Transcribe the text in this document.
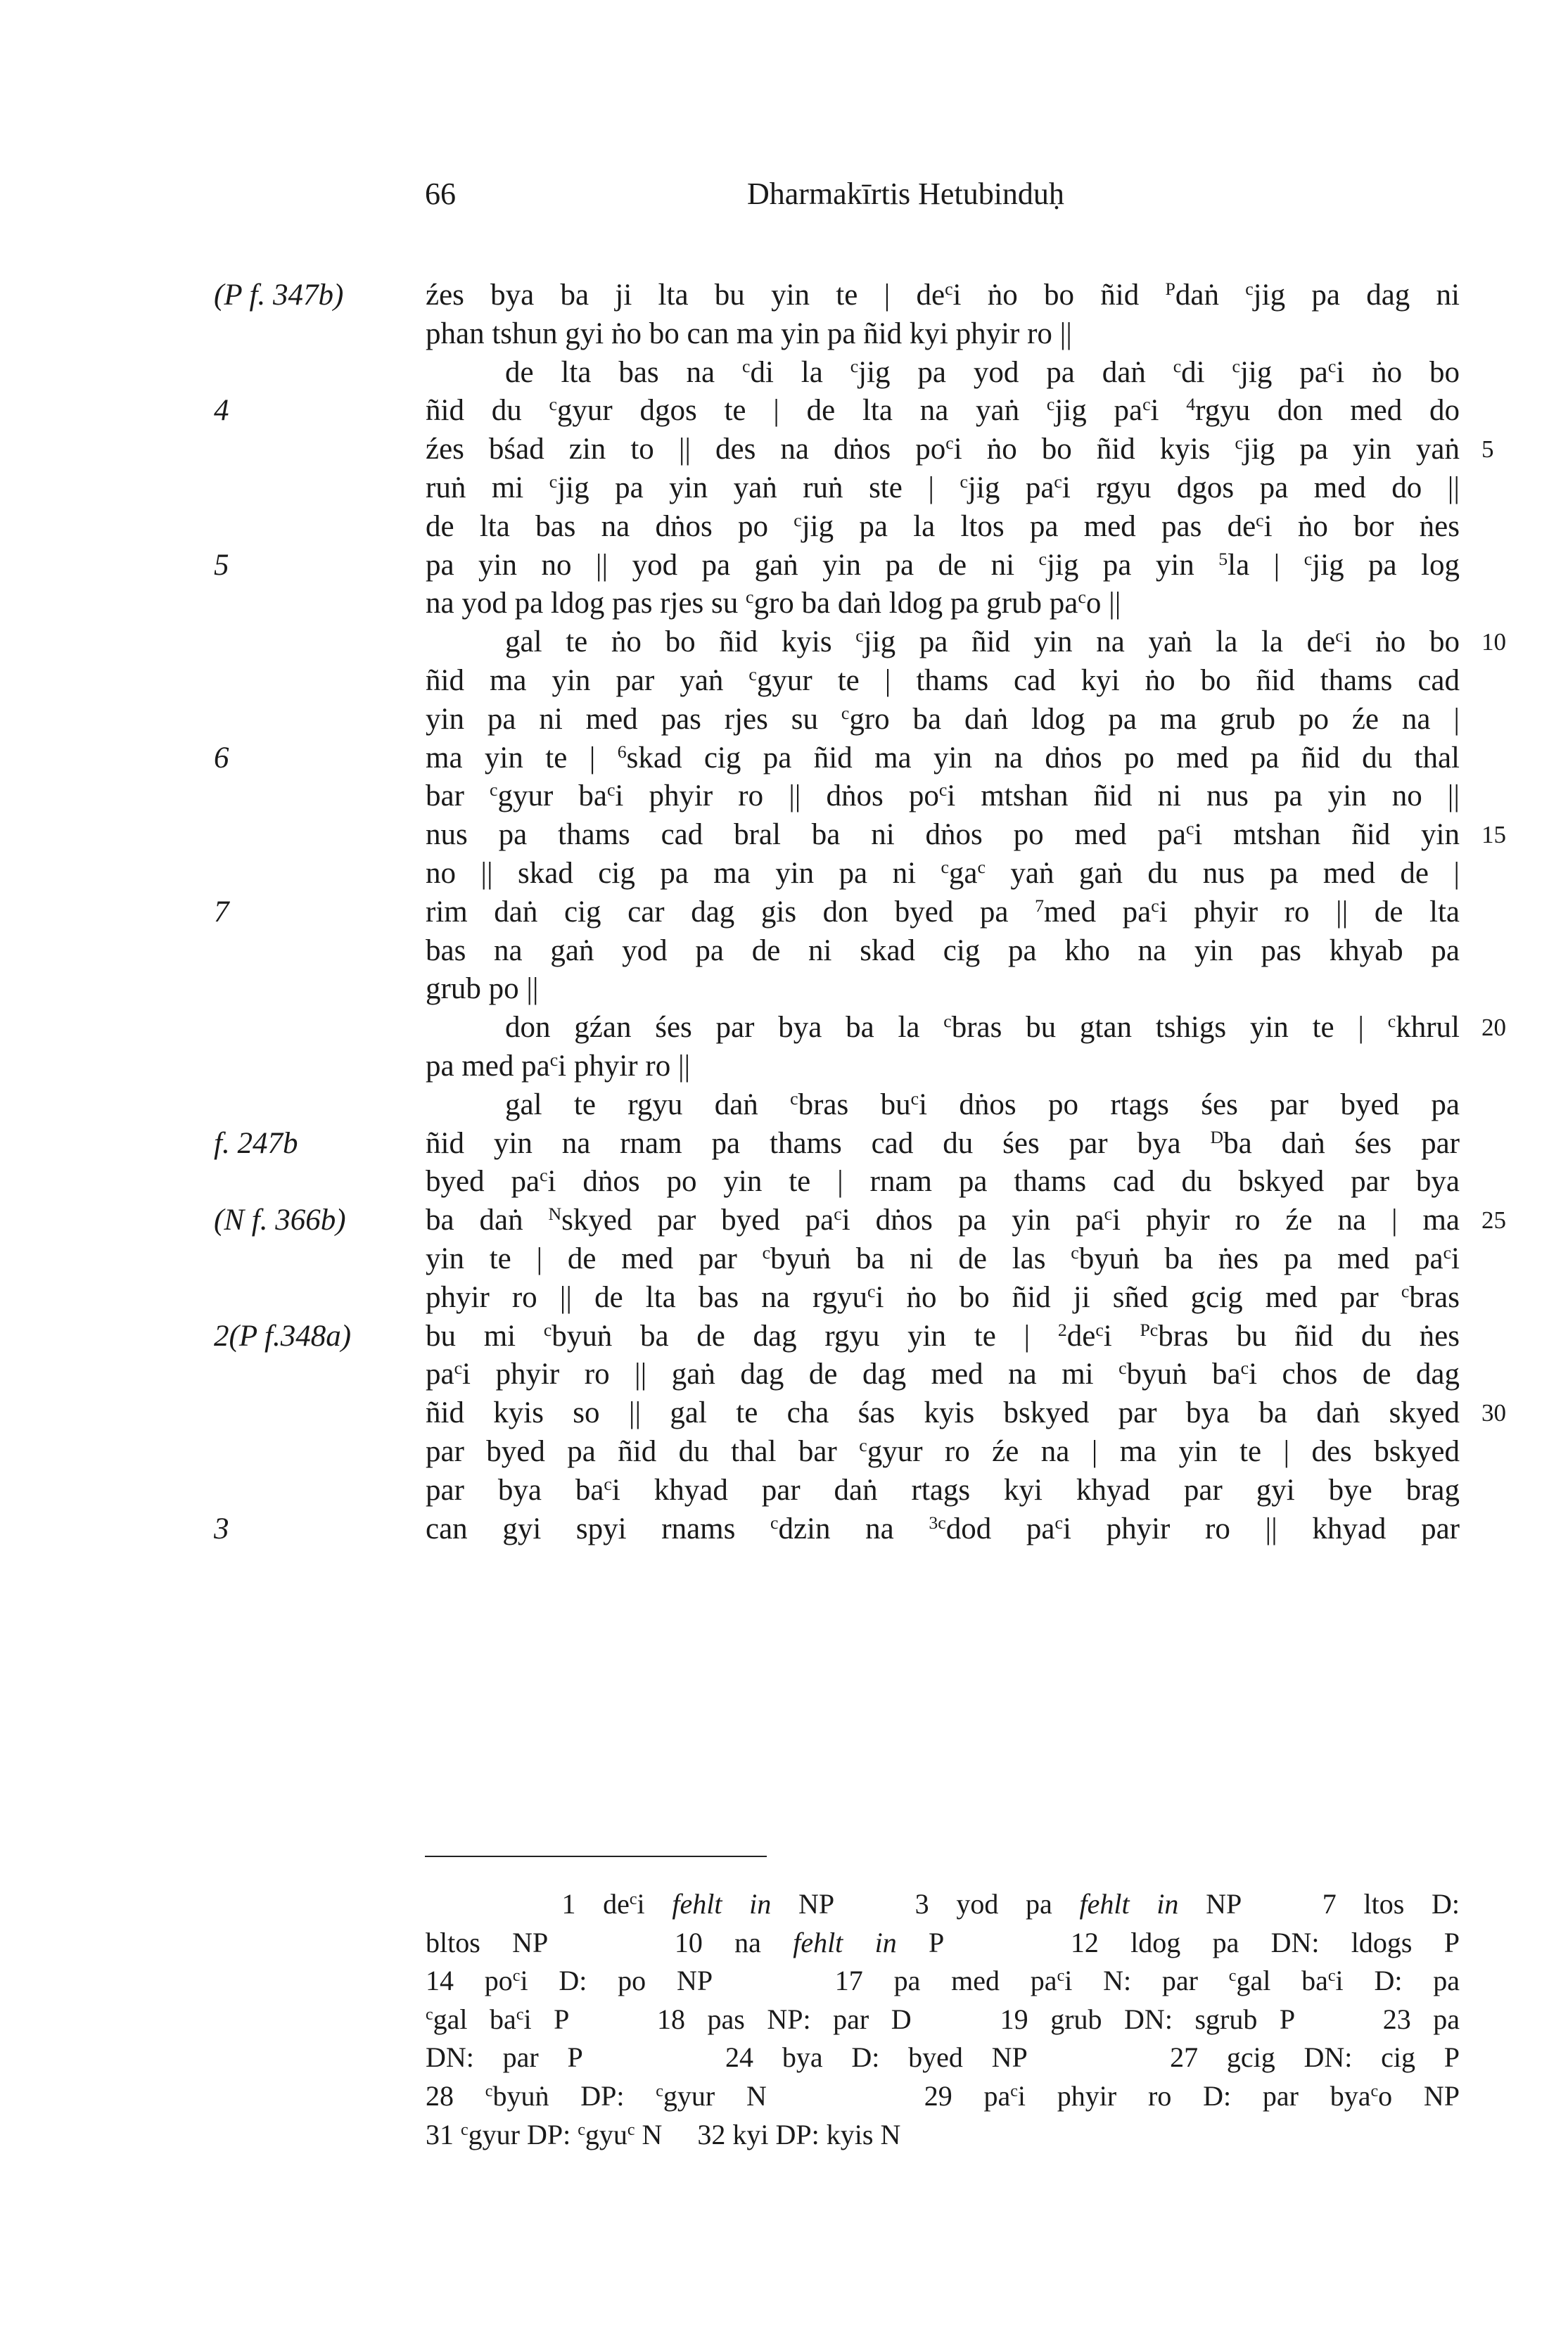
66	Dharmakīrtis Hetubinduḥ
źes bya ba ji lta bu yin te | $de^ci$ ṅo bo ñid $^P$daṅ $^c$jig pa dag ni
phan tshun gyi ṅo bo can ma yin pa ñid kyi phyir ro ||
de lta bas na $^c$di la $^c$jig pa yod pa daṅ $^c$di $^c$jig $pa^ci$ ṅo bo
ñid du $^c$gyur dgos te | de lta na yaṅ $^c$jig $pa^ci$ $^4$rgyu don med do
źes bśad zin to || des na dṅos $po^ci$ ṅo bo ñid kyis $^c$jig pa yin yaṅ
ruṅ mi $^c$jig pa yin yaṅ ruṅ ste | $^c$jig $pa^ci$ rgyu dgos pa med do ||
de lta bas na dṅos po $^c$jig pa la ltos pa med pas $de^ci$ ṅo bor ṅes
pa yin no || yod pa gaṅ yin pa de ni $^c$jig pa yin $^5$la | $^c$jig pa log
na yod pa ldog pas rjes su $^c$gro ba daṅ ldog pa grub $pa^co$ ||
gal te ṅo bo ñid kyis $^c$jig pa ñid yin na yaṅ la la $de^ci$ ṅo bo
ñid ma yin par yaṅ $^c$gyur te | thams cad kyi ṅo bo ñid thams cad
yin pa ni med pas rjes su $^c$gro ba daṅ ldog pa ma grub po źe na |
ma yin te | $^6$skad cig pa ñid ma yin na dṅos po med pa ñid du thal
bar $^c$gyur $ba^ci$ phyir ro || dṅos $po^ci$ mtshan ñid ni nus pa yin no ||
nus pa thams cad bral ba ni dṅos po med $pa^ci$ mtshan ñid yin
no || skad cig pa ma yin pa ni $^cga^c$ yaṅ gaṅ du nus pa med de |
rim daṅ cig car dag gis don byed pa $^7$med $pa^ci$ phyir ro || de lta
bas na gaṅ yod pa de ni skad cig pa kho na yin pas khyab pa
grub po ||
don gźan śes par bya ba la $^c$bras bu gtan tshigs yin te | $^c$khrul
pa med $pa^ci$ phyir ro ||
gal te rgyu daṅ $^c$bras $bu^ci$ dṅos po rtags śes par byed pa
ñid yin na rnam pa thams cad du śes par bya $^D$ba daṅ śes par
byed $pa^ci$ dṅos po yin te | rnam pa thams cad du bskyed par bya
ba daṅ $^N$skyed par byed $pa^ci$ dṅos pa yin $pa^ci$ phyir ro źe na | ma
yin te | de med par $^c$byuṅ ba ni de las $^c$byuṅ ba ṅes pa med $pa^ci$
phyir ro || de lta bas na rgyu$^c$i ṅo bo ñid ji sñed gcig med par $^c$bras
bu mi $^c$byuṅ ba de dag rgyu yin te | $^2de^ci$ $^{Pc}$bras bu ñid du ṅes
$pa^ci$ phyir ro || gaṅ dag de dag med na mi $^c$byuṅ $ba^ci$ chos de dag
ñid kyis so || gal te cha śas kyis bskyed par bya ba daṅ skyed
par byed pa ñid du thal bar $^c$gyur ro źe na | ma yin te | des bskyed
par bya $ba^ci$ khyad par daṅ rtags kyi khyad par gyi bye brag
can gyi spyi rnams $^c$dzin na $^{3c}$dod $pa^ci$ phyir ro || khyad par
(P f. 347b)
4
5
6
7
f. 247b
(N f. 366b)
2(P f.348a)
3
5
10
15
20
25
30
1 $de^ci$ fehlt in NP   3 yod pa fehlt in NP   7 ltos D:
bltos NP    10 na fehlt in P    12 ldog pa DN: ldogs P
14 $po^ci$ D: po NP    17 pa med $pa^ci$ N: par $^c$gal $ba^ci$ D: pa
$^c$gal $ba^ci$ P    18 pas NP: par D    19 grub DN: sgrub P    23 pa
DN: par P     24 bya D: byed NP     27 gcig DN: cig P
28 $^c$byuṅ DP: $^c$gyur N     29 $pa^ci$ phyir ro D: par bya$^c$o NP
31 $^c$gyur DP: $^c$gyu$^c$ N     32 kyi DP: kyis N
